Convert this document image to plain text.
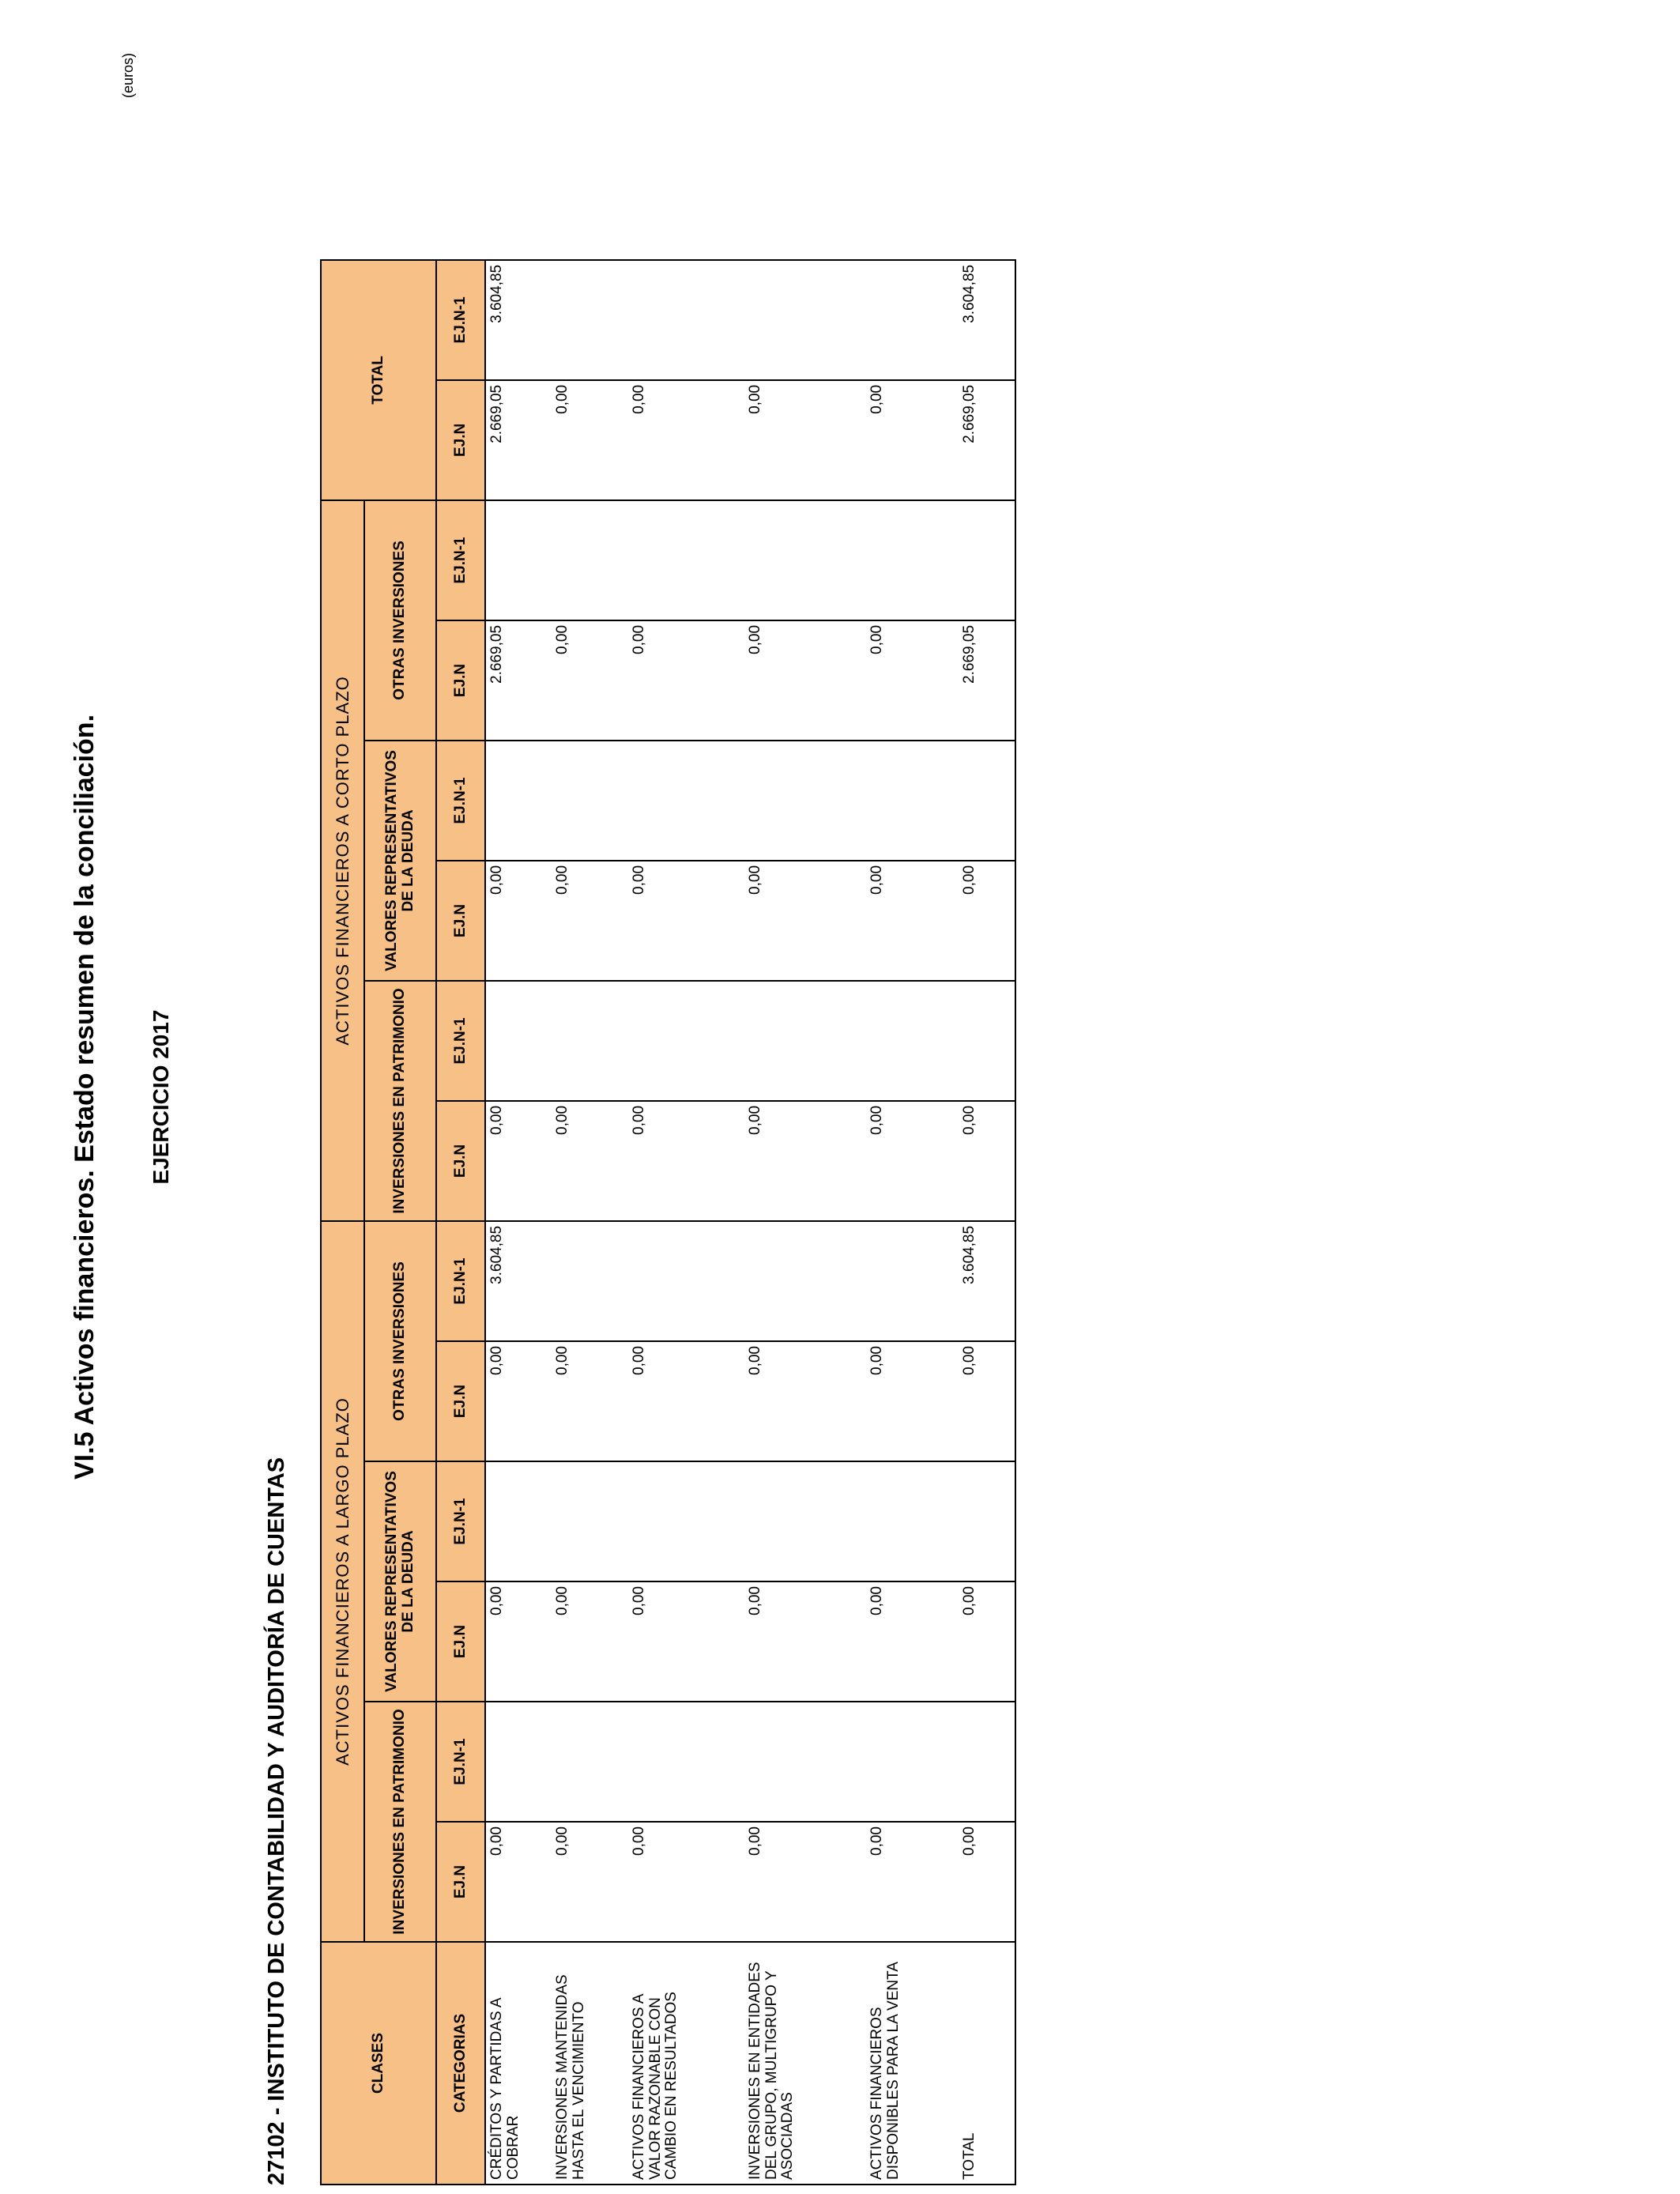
VI.5 Activos financieros. Estado resumen de la conciliación. EJERCICIO 2017
27102 - INSTITUTO DE CONTABILIDAD Y AUDITORÍA DE CUENTAS
(euros)
CLASES	ACTIVOS FINANCIEROS A LARGO PLAZO						ACTIVOS FINANCIEROS A CORTO PLAZO						TOTAL	
	INVERSIONES EN PATRIMONIO		VALORES REPRESENTATIVOS DE LA DEUDA		OTRAS INVERSIONES		INVERSIONES EN PATRIMONIO		VALORES REPRESENTATIVOS DE LA DEUDA		OTRAS INVERSIONES			
CATEGORIAS	EJ.N	EJ.N-1	EJ.N	EJ.N-1	EJ.N	EJ.N-1	EJ.N	EJ.N-1	EJ.N	EJ.N-1	EJ.N	EJ.N-1	EJ.N	EJ.N-1
CRÉDITOS Y PARTIDAS A COBRAR	0,00		0,00		0,00	3.604,85	0,00		0,00		2.669,05		2.669,05	3.604,85
INVERSIONES MANTENIDAS HASTA EL VENCIMIENTO	0,00		0,00		0,00		0,00		0,00		0,00		0,00	
ACTIVOS FINANCIEROS A VALOR RAZONABLE CON CAMBIO EN RESULTADOS	0,00		0,00		0,00		0,00		0,00		0,00		0,00	
INVERSIONES EN ENTIDADES DEL GRUPO, MULTIGRUPO Y ASOCIADAS	0,00		0,00		0,00		0,00		0,00		0,00		0,00	
ACTIVOS FINANCIEROS DISPONIBLES PARA LA VENTA	0,00		0,00		0,00		0,00		0,00		0,00		0,00	
TOTAL	0,00		0,00		0,00	3.604,85	0,00		0,00		2.669,05		2.669,05	3.604,85
